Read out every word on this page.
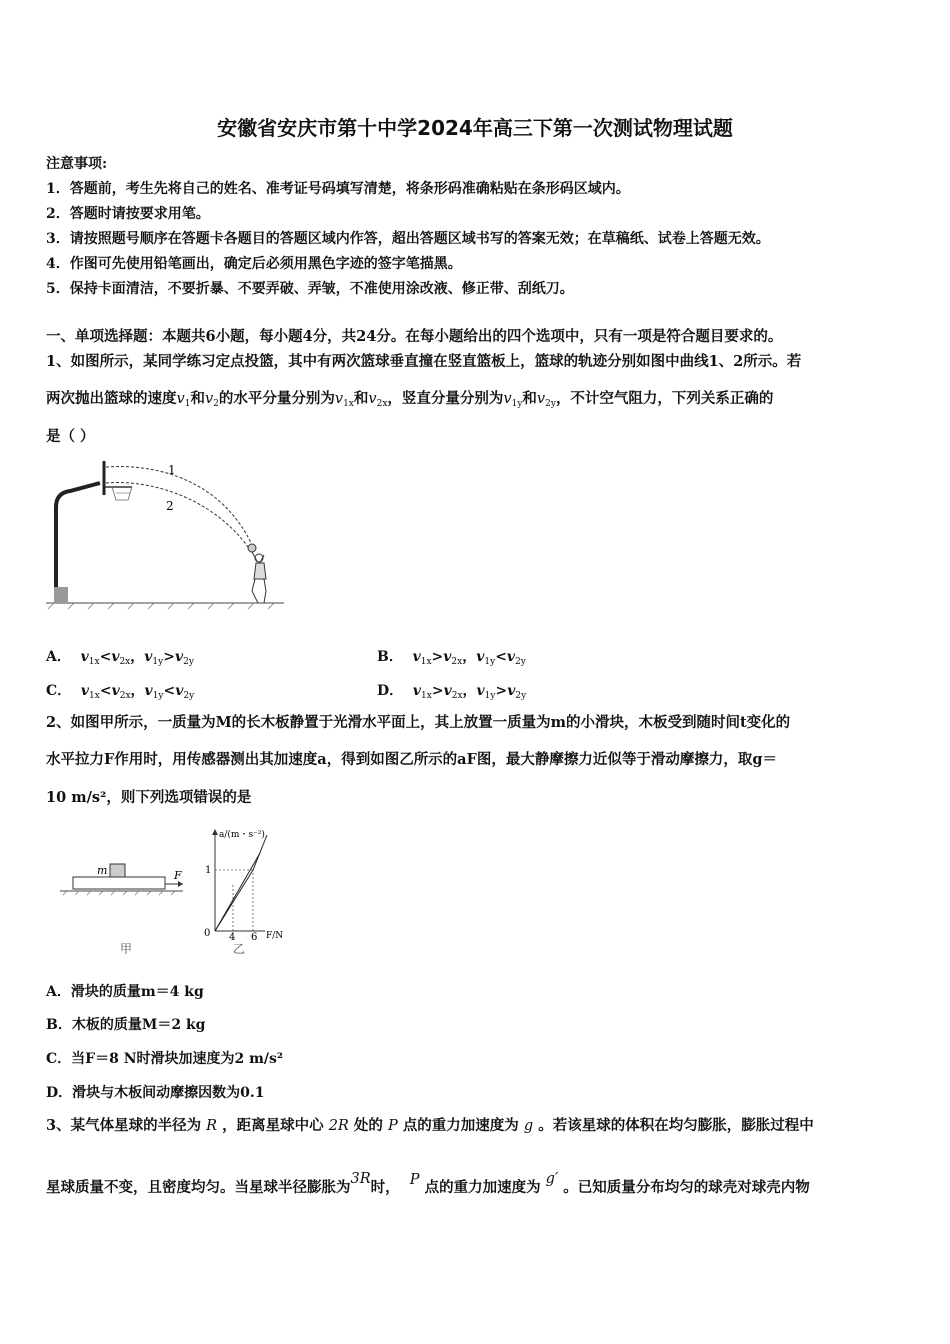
安徽省安庆市第十中学2024年高三下第一次测试物理试题
注意事项:
1．答题前，考生先将自己的姓名、准考证号码填写清楚，将条形码准确粘贴在条形码区域内。
2．答题时请按要求用笔。
3．请按照题号顺序在答题卡各题目的答题区域内作答，超出答题区域书写的答案无效；在草稿纸、试卷上答题无效。
4．作图可先使用铅笔画出，确定后必须用黑色字迹的签字笔描黑。
5．保持卡面清洁，不要折暴、不要弄破、弄皱，不准使用涂改液、修正带、刮纸刀。
一、单项选择题：本题共6小题，每小题4分，共24分。在每小题给出的四个选项中，只有一项是符合题目要求的。
1、如图所示，某同学练习定点投篮，其中有两次篮球垂直撞在竖直篮板上，篮球的轨迹分别如图中曲线1、2所示。若
两次抛出篮球的速度$v_1$和$v_2$的水平分量分别为$v_{1x}$和$v_{2x}$，竖直分量分别为$v_{1y}$和$v_{2y}$，不计空气阻力，下列关系正确的
是（ ）
1
2
A． $v_{1x}<v_{2x}$，$v_{1y}>v_{2y}$	B． $v_{1x}>v_{2x}$，$v_{1y}<v_{2y}$
C． $v_{1x}<v_{2x}$，$v_{1y}<v_{2y}$	D． $v_{1x}>v_{2x}$，$v_{1y}>v_{2y}$
2、如图甲所示，一质量为M的长木板静置于光滑水平面上，其上放置一质量为m的小滑块，木板受到随时间t变化的
水平拉力F作用时，用传感器测出其加速度a，得到如图乙所示的aF图，最大静摩擦力近似等于滑动摩擦力，取g＝
10 m/s²，则下列选项错误的是
m	F
甲
a/(m・s⁻²)
F/N
0
1
4 6
乙
A．滑块的质量m＝4 kg
B．木板的质量M＝2 kg
C．当F＝8 N时滑块加速度为2 m/s²
D．滑块与木板间动摩擦因数为0.1
3、某气体星球的半径为 R ，距离星球中心 2R 处的 P 点的重力加速度为 g 。若该星球的体积在均匀膨胀，膨胀过程中
星球质量不变，且密度均匀。当星球半径膨胀为3R时， P 点的重力加速度为 g′ 。已知质量分布均匀的球壳对球壳内物
